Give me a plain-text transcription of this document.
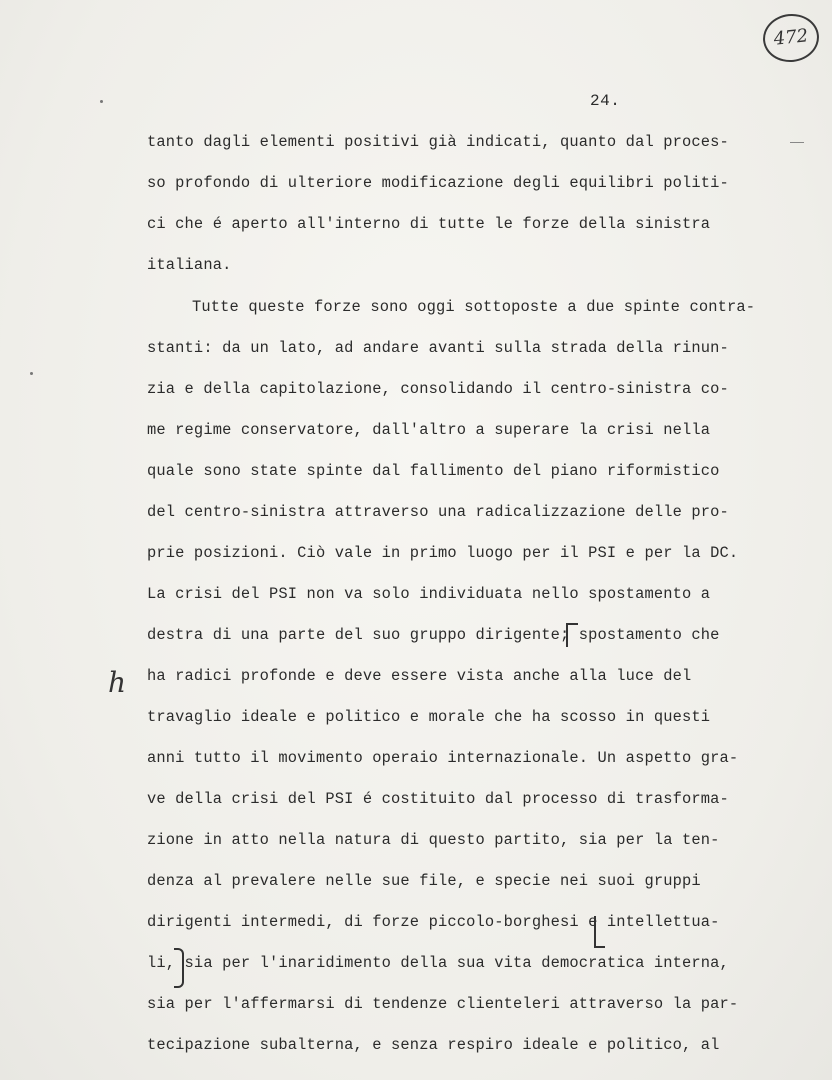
472
24.
tanto dagli elementi positivi già indicati, quanto dal proces-
so profondo di ulteriore modificazione degli equilibri politi-
ci che é aperto all'interno di tutte le forze della sinistra
italiana.
Tutte queste forze sono oggi sottoposte a due spinte contra-
stanti: da un lato, ad andare avanti sulla strada della rinun-
zia e della capitolazione, consolidando il centro-sinistra co-
me regime conservatore, dall'altro a superare la crisi nella
quale sono state spinte dal fallimento del piano riformistico
del centro-sinistra attraverso una radicalizzazione delle pro-
prie posizioni. Ciò vale in primo luogo per il PSI e per la DC.
La crisi del PSI non va solo individuata nello spostamento a
destra di una parte del suo gruppo dirigente; spostamento che
ha radici profonde e deve essere vista anche alla luce del
travaglio ideale e politico e morale che ha scosso in questi
anni tutto il movimento operaio internazionale. Un aspetto gra-
ve della crisi del PSI é costituito dal processo di trasforma-
zione in atto nella natura di questo partito, sia per la ten-
denza al prevalere nelle sue file, e specie nei suoi gruppi
dirigenti intermedi, di forze piccolo-borghesi e intellettua-
li, sia per l'inaridimento della sua vita democratica interna,
sia per l'affermarsi di tendenze clienteleri attraverso la par-
tecipazione subalterna, e senza respiro ideale e politico, al
h
